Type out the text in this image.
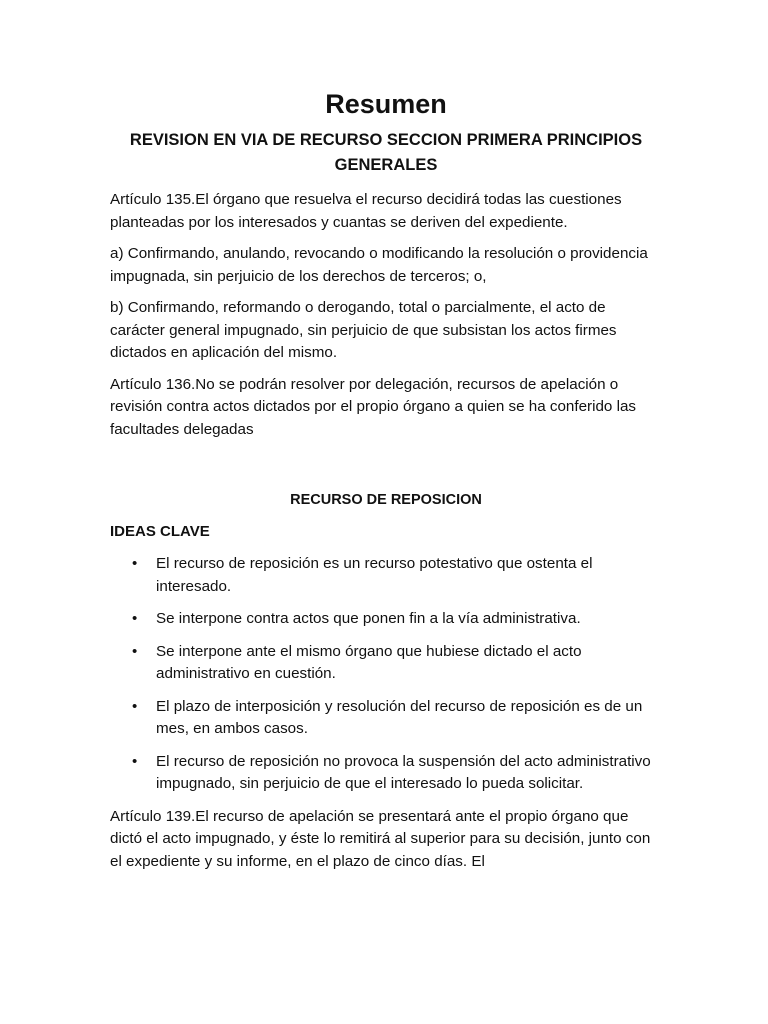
Resumen
REVISION EN VIA DE RECURSO SECCION PRIMERA PRINCIPIOS
GENERALES

Artículo 135.El órgano que resuelva el recurso decidirá todas las cuestiones planteadas por los interesados y cuantas se deriven del expediente.

a) Confirmando, anulando, revocando o modificando la resolución o providencia impugnada, sin perjuicio de los derechos de terceros; o,

b) Confirmando, reformando o derogando, total o parcialmente, el acto de carácter general impugnado, sin perjuicio de que subsistan los actos firmes dictados en aplicación del mismo.

Artículo 136.No se podrán resolver por delegación, recursos de apelación o revisión contra actos dictados por el propio órgano a quien se ha conferido las facultades delegadas

RECURSO DE REPOSICION
IDEAS CLAVE
• El recurso de reposición es un recurso potestativo que ostenta el interesado.
• Se interpone contra actos que ponen fin a la vía administrativa.
• Se interpone ante el mismo órgano que hubiese dictado el acto administrativo en cuestión.
• El plazo de interposición y resolución del recurso de reposición es de un mes, en ambos casos.
• El recurso de reposición no provoca la suspensión del acto administrativo impugnado, sin perjuicio de que el interesado lo pueda solicitar.

Artículo 139.El recurso de apelación se presentará ante el propio órgano que dictó el acto impugnado, y éste lo remitirá al superior para su decisión, junto con el expediente y su informe, en el plazo de cinco días. El
